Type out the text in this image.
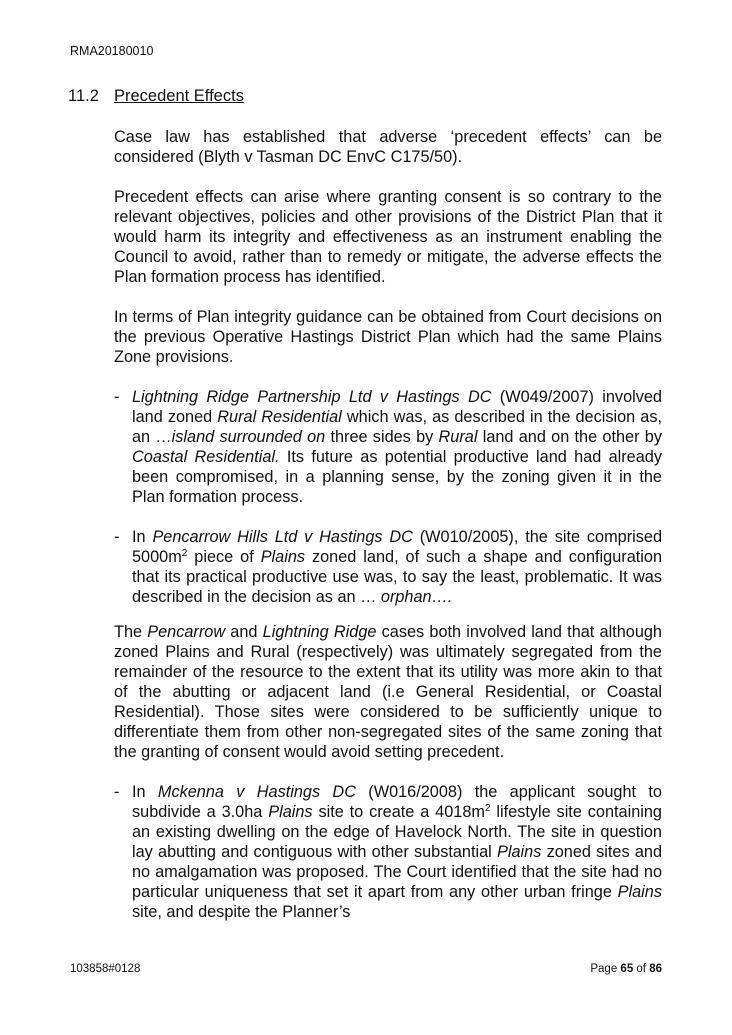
RMA20180010
11.2 Precedent Effects

Case law has established that adverse ‘precedent effects’ can be considered (Blyth v Tasman DC EnvC C175/50).

Precedent effects can arise where granting consent is so contrary to the relevant objectives, policies and other provisions of the District Plan that it would harm its integrity and effectiveness as an instrument enabling the Council to avoid, rather than to remedy or mitigate, the adverse effects the Plan formation process has identified.

In terms of Plan integrity guidance can be obtained from Court decisions on the previous Operative Hastings District Plan which had the same Plains Zone provisions.

- Lightning Ridge Partnership Ltd v Hastings DC (W049/2007) involved land zoned Rural Residential which was, as described in the decision as, an …island surrounded on three sides by Rural land and on the other by Coastal Residential. Its future as potential productive land had already been compromised, in a planning sense, by the zoning given it in the Plan formation process.

- In Pencarrow Hills Ltd v Hastings DC (W010/2005), the site comprised $5000m^2$ piece of Plains zoned land, of such a shape and configuration that its practical productive use was, to say the least, problematic. It was described in the decision as an … orphan….

The Pencarrow and Lightning Ridge cases both involved land that although zoned Plains and Rural (respectively) was ultimately segregated from the remainder of the resource to the extent that its utility was more akin to that of the abutting or adjacent land (i.e General Residential, or Coastal Residential). Those sites were considered to be sufficiently unique to differentiate them from other non-segregated sites of the same zoning that the granting of consent would avoid setting precedent.

- In Mckenna v Hastings DC (W016/2008) the applicant sought to subdivide a 3.0ha Plains site to create a $4018m^2$ lifestyle site containing an existing dwelling on the edge of Havelock North. The site in question lay abutting and contiguous with other substantial Plains zoned sites and no amalgamation was proposed. The Court identified that the site had no particular uniqueness that set it apart from any other urban fringe Plains site, and despite the Planner’s

103858#0128	Page 65 of 86
